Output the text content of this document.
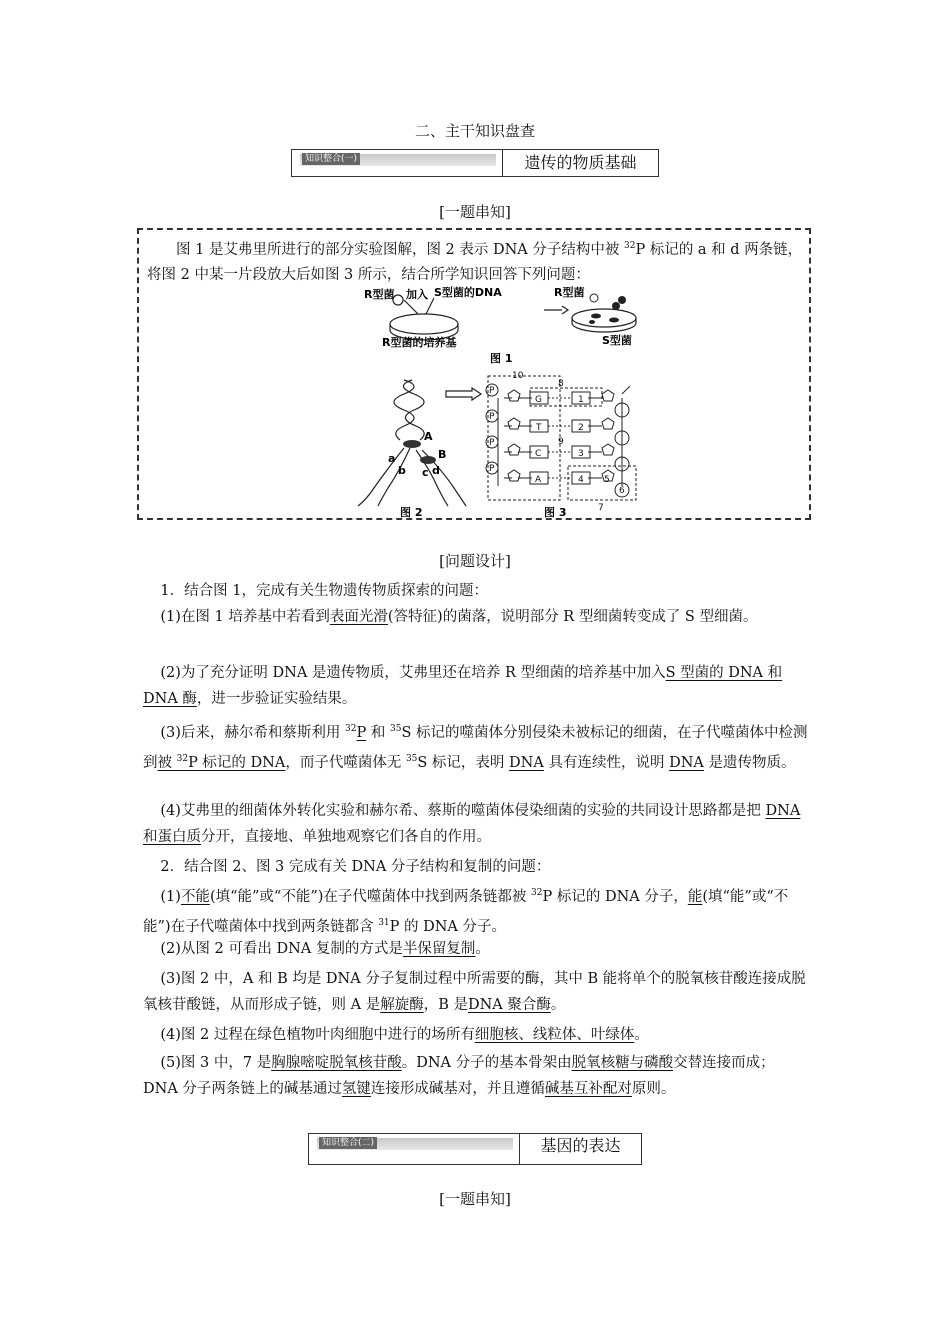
二、主干知识盘查
知识整合(一)	遗传的物质基础
[一题串知]
图 1 是艾弗里所进行的部分实验图解，图 2 表示 DNA 分子结构中被 $^{32}$P 标记的 a 和 d 两条链，将图 2 中某一片段放大后如图 3 所示，结合所学知识回答下列问题：
R型菌 加入 S型菌的DNA
R型菌的培养基
R型菌
S型菌
图 1
A
B
a
b c d
图 2
P
P
P
P
G
T
C
A
1
2
3
4 5
6
7
8
9
10
图 3
[问题设计]
1．结合图 1，完成有关生物遗传物质探索的问题：
(1)在图 1 培养基中若看到表面光滑(答特征)的菌落，说明部分 R 型细菌转变成了 S 型细菌。
(2)为了充分证明 DNA 是遗传物质，艾弗里还在培养 R 型细菌的培养基中加入S 型菌的 DNA 和 DNA 酶，进一步验证实验结果。
(3)后来，赫尔希和蔡斯利用 $^{32}$P 和 $^{35}$S 标记的噬菌体分别侵染未被标记的细菌，在子代噬菌体中检测到被 $^{32}$P 标记的 DNA，而子代噬菌体无 $^{35}$S 标记，表明 DNA 具有连续性，说明 DNA 是遗传物质。
(4)艾弗里的细菌体外转化实验和赫尔希、蔡斯的噬菌体侵染细菌的实验的共同设计思路都是把 DNA 和蛋白质分开，直接地、单独地观察它们各自的作用。
2．结合图 2、图 3 完成有关 DNA 分子结构和复制的问题：
(1)不能(填“能”或“不能”)在子代噬菌体中找到两条链都被 $^{32}$P 标记的 DNA 分子，能(填“能”或“不能”)在子代噬菌体中找到两条链都含 $^{31}$P 的 DNA 分子。
(2)从图 2 可看出 DNA 复制的方式是半保留复制。
(3)图 2 中，A 和 B 均是 DNA 分子复制过程中所需要的酶，其中 B 能将单个的脱氧核苷酸连接成脱氧核苷酸链，从而形成子链，则 A 是解旋酶，B 是DNA 聚合酶。
(4)图 2 过程在绿色植物叶肉细胞中进行的场所有细胞核、线粒体、叶绿体。
(5)图 3 中，7 是胸腺嘧啶脱氧核苷酸。DNA 分子的基本骨架由脱氧核糖与磷酸交替连接而成；DNA 分子两条链上的碱基通过氢键连接形成碱基对，并且遵循碱基互补配对原则。
知识整合(二)	基因的表达
[一题串知]
